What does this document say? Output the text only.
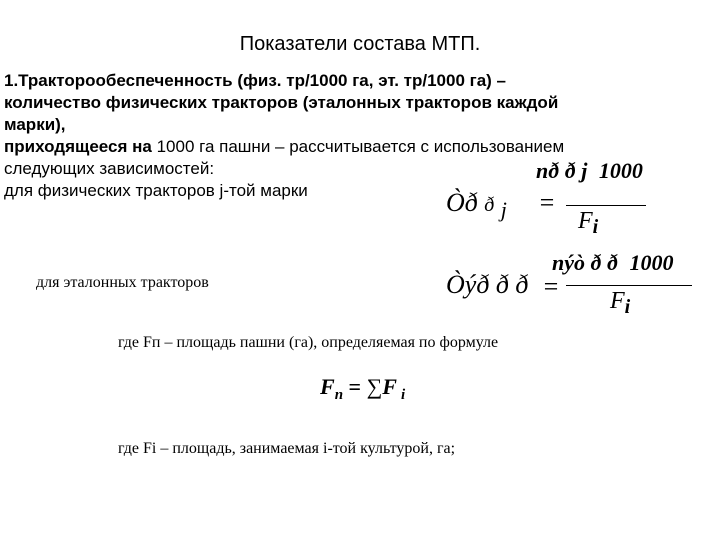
Показатели состава МТП.
1.Тракторообеспеченность (физ. тр/1000 га, эт. тр/1000 га) –
количество физических тракторов (эталонных тракторов каждой
марки),
приходящееся на 1000 га пашни – рассчитывается с использованием
следующих зависимостей:
для физических тракторов j-той марки
nð ð j 1000
Òð ð $_j$ =
$F_i$
для эталонных тракторов
nýò ð ð 1000
Òýð ð ð = $F_i$
где Fп – площадь пашни (га), определяемая по формуле
$F_n = \sum F$ $_i$
где Fi – площадь, занимаемая i-той культурой, га;
